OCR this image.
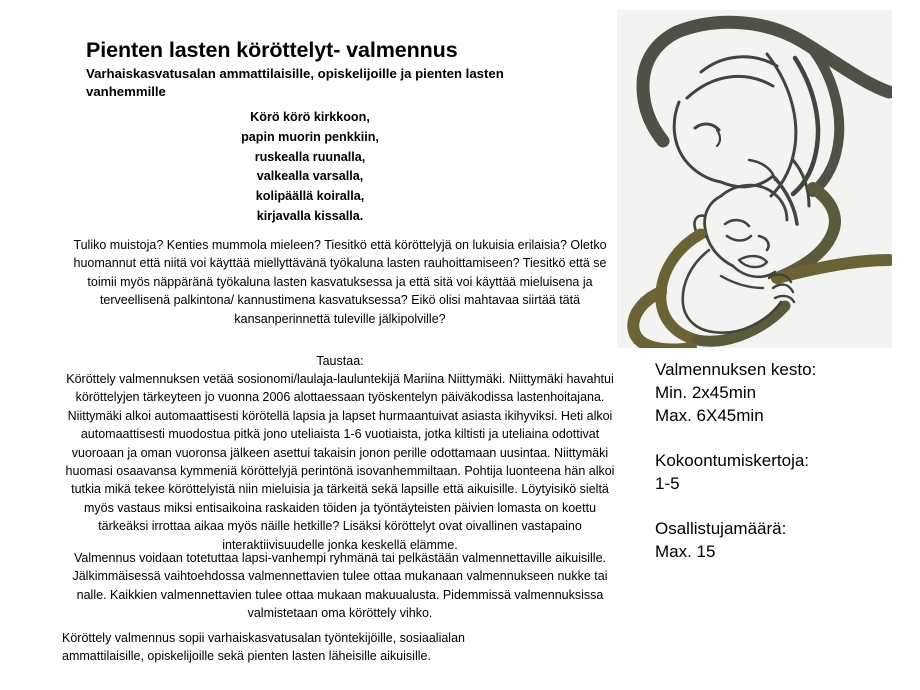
Pienten lasten köröttelyt- valmennus
Varhaiskasvatusalan ammattilaisille, opiskelijoille ja pienten lasten vanhemmille
Körö körö kirkkoon,
papin muorin penkkiin,
ruskealla ruunalla,
valkealla varsalla,
kolipäällä koiralla,
kirjavalla kissalla.
Tuliko muistoja? Kenties mummola mieleen? Tiesitkö että köröttelyjä on lukuisia erilaisia? Oletko huomannut että niitä voi käyttää miellyttävänä työkaluna lasten rauhoittamiseen? Tiesitkö että se toimii myös näppäränä työkaluna lasten kasvatuksessa ja että sitä voi käyttää mieluisena ja terveellisenä palkintona/ kannustimena kasvatuksessa? Eikö olisi mahtavaa siirtää tätä kansanperinnettä tuleville jälkipolville?
Taustaa:
Köröttely valmennuksen vetää sosionomi/laulaja-lauluntekijä Mariina Niittymäki. Niittymäki havahtui köröttelyjen tärkeyteen jo vuonna 2006 alottaessaan työskentelyn päiväkodissa lastenhoitajana. Niittymäki alkoi automaattisesti körötellä lapsia ja lapset hurmaantuivat asiasta ikihyviksi. Heti alkoi automaattisesti muodostua pitkä jono uteliaista 1-6 vuotiaista, jotka kiltisti ja uteliaina odottivat vuoroaan ja oman vuoronsa jälkeen asettui takaisin jonon perille odottamaan uusintaa. Niittymäki huomasi osaavansa kymmeniä köröttelyjä perintönä isovanhemmiltaan. Pohtija luonteena hän alkoi tutkia mikä tekee köröttelyistä niin mieluisia ja tärkeitä sekä lapsille että aikuisille. Löytyisikö sieltä myös vastaus miksi entisaikoina raskaiden töiden ja työntäyteisten päivien lomasta on koettu tärkeäksi irrottaa aikaa myös näille hetkille? Lisäksi köröttelyt ovat oivallinen vastapaino interaktiivisuudelle jonka keskellä elämme.
Valmennus voidaan totetuttaa lapsi-vanhempi ryhmänä tai pelkästään valmennettaville aikuisille. Jälkimmäisessä vaihtoehdossa valmennettavien tulee ottaa mukanaan valmennukseen nukke tai nalle. Kaikkien valmennettavien tulee ottaa mukaan makuualusta. Pidemmissä valmennuksissa valmistetaan oma köröttely vihko.
Köröttely valmennus sopii varhaiskasvatusalan työntekijöille, sosiaalialan ammattilaisille, opiskelijoille sekä pienten lasten läheisille aikuisille.
Valmennuksen kesto:
Min. 2x45min
Max. 6X45min
Kokoontumiskertoja:
1-5
Osallistujamäärä:
Max. 15
